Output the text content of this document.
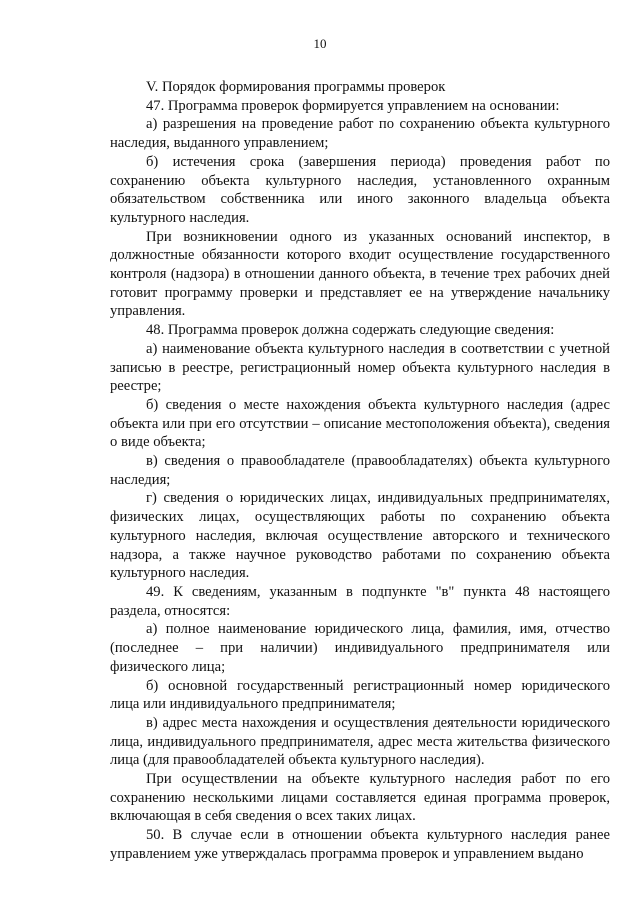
10

V. Порядок формирования программы проверок

47. Программа проверок формируется управлением на основании:

а) разрешения на проведение работ по сохранению объекта культурного наследия, выданного управлением;

б) истечения срока (завершения периода) проведения работ по сохранению объекта культурного наследия, установленного охранным обязательством собственника или иного законного владельца объекта культурного наследия.

При возникновении одного из указанных оснований инспектор, в должностные обязанности которого входит осуществление государственного контроля (надзора) в отношении данного объекта, в течение трех рабочих дней готовит программу проверки и представляет ее на утверждение начальнику управления.

48. Программа проверок должна содержать следующие сведения:

а) наименование объекта культурного наследия в соответствии с учетной записью в реестре, регистрационный номер объекта культурного наследия в реестре;

б) сведения о месте нахождения объекта культурного наследия (адрес объекта или при его отсутствии – описание местоположения объекта), сведения о виде объекта;

в) сведения о правообладателе (правообладателях) объекта культурного наследия;

г) сведения о юридических лицах, индивидуальных предпринимателях, физических лицах, осуществляющих работы по сохранению объекта культурного наследия, включая осуществление авторского и технического надзора, а также научное руководство работами по сохранению объекта культурного наследия.

49. К сведениям, указанным в подпункте "в" пункта 48 настоящего раздела, относятся:

а) полное наименование юридического лица, фамилия, имя, отчество (последнее – при наличии) индивидуального предпринимателя или физического лица;

б) основной государственный регистрационный номер юридического лица или индивидуального предпринимателя;

в) адрес места нахождения и осуществления деятельности юридического лица, индивидуального предпринимателя, адрес места жительства физического лица (для правообладателей объекта культурного наследия).

При осуществлении на объекте культурного наследия работ по его сохранению несколькими лицами составляется единая программа проверок, включающая в себя сведения о всех таких лицах.

50. В случае если в отношении объекта культурного наследия ранее управлением уже утверждалась программа проверок и управлением выдано
